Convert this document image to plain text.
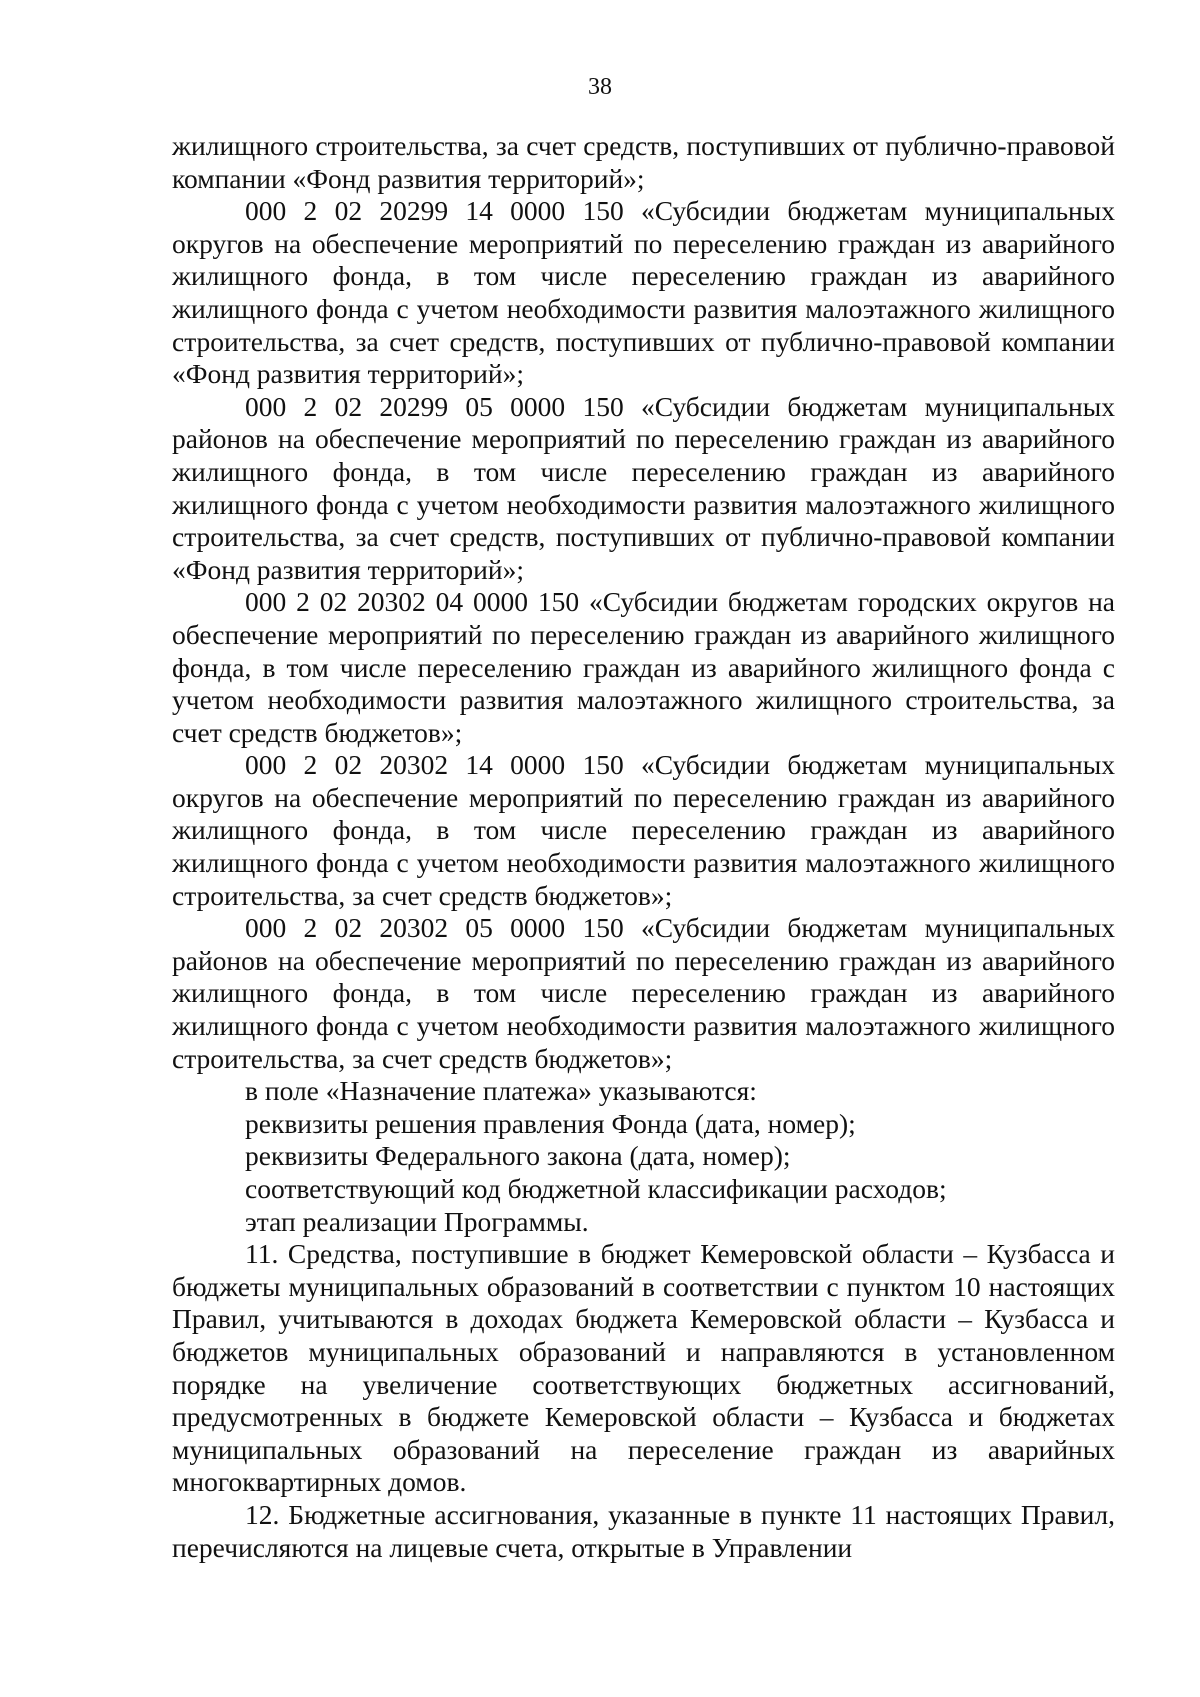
38

жилищного строительства, за счет средств, поступивших от публично-правовой компании «Фонд развития территорий»;

000 2 02 20299 14 0000 150 «Субсидии бюджетам муниципальных округов на обеспечение мероприятий по переселению граждан из аварийного жилищного фонда, в том числе переселению граждан из аварийного жилищного фонда с учетом необходимости развития малоэтажного жилищного строительства, за счет средств, поступивших от публично-правовой компании «Фонд развития территорий»;

000 2 02 20299 05 0000 150 «Субсидии бюджетам муниципальных районов на обеспечение мероприятий по переселению граждан из аварийного жилищного фонда, в том числе переселению граждан из аварийного жилищного фонда с учетом необходимости развития малоэтажного жилищного строительства, за счет средств, поступивших от публично-правовой компании «Фонд развития территорий»;

000 2 02 20302 04 0000 150 «Субсидии бюджетам городских округов на обеспечение мероприятий по переселению граждан из аварийного жилищного фонда, в том числе переселению граждан из аварийного жилищного фонда с учетом необходимости развития малоэтажного жилищного строительства, за счет средств бюджетов»;

000 2 02 20302 14 0000 150 «Субсидии бюджетам муниципальных округов на обеспечение мероприятий по переселению граждан из аварийного жилищного фонда, в том числе переселению граждан из аварийного жилищного фонда с учетом необходимости развития малоэтажного жилищного строительства, за счет средств бюджетов»;

000 2 02 20302 05 0000 150 «Субсидии бюджетам муниципальных районов на обеспечение мероприятий по переселению граждан из аварийного жилищного фонда, в том числе переселению граждан из аварийного жилищного фонда с учетом необходимости развития малоэтажного жилищного строительства, за счет средств бюджетов»;

в поле «Назначение платежа» указываются:

реквизиты решения правления Фонда (дата, номер);

реквизиты Федерального закона (дата, номер);

соответствующий код бюджетной классификации расходов;

этап реализации Программы.

11. Средства, поступившие в бюджет Кемеровской области – Кузбасса и бюджеты муниципальных образований в соответствии с пунктом 10 настоящих Правил, учитываются в доходах бюджета Кемеровской области – Кузбасса и бюджетов муниципальных образований и направляются в установленном порядке на увеличение соответствующих бюджетных ассигнований, предусмотренных в бюджете Кемеровской области – Кузбасса и бюджетах муниципальных образований на переселение граждан из аварийных многоквартирных домов.

12. Бюджетные ассигнования, указанные в пункте 11 настоящих Правил, перечисляются на лицевые счета, открытые в Управлении
